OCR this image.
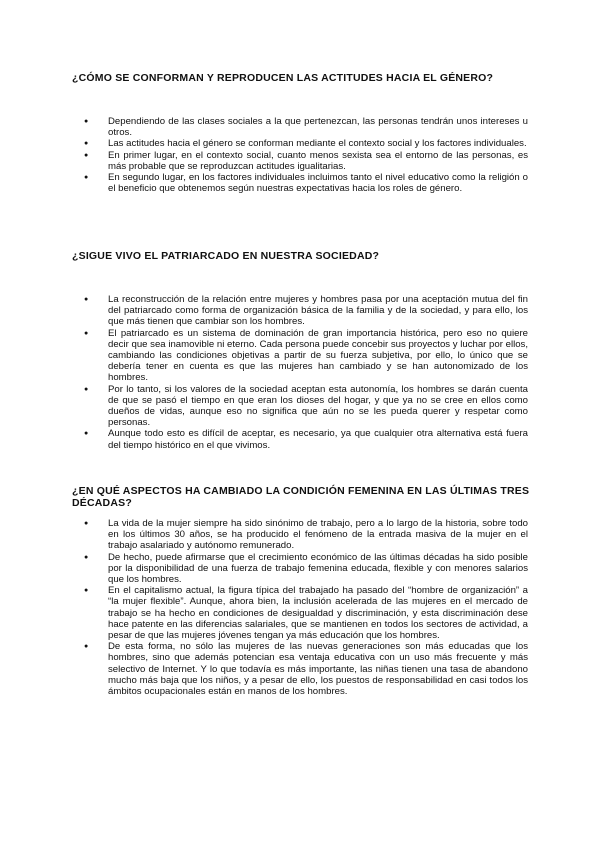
¿CÓMO SE CONFORMAN Y REPRODUCEN LAS ACTITUDES HACIA EL GÉNERO?
● Dependiendo de las clases sociales a la que pertenezcan, las personas tendrán unos intereses u otros.
● Las actitudes hacia el género se conforman mediante el contexto social y los factores individuales.
● En primer lugar, en el contexto social, cuanto menos sexista sea el entorno de las personas, es más probable que se reproduzcan actitudes igualitarias.
● En segundo lugar, en los factores individuales incluimos tanto el nivel educativo como la religión o el beneficio que obtenemos según nuestras expectativas hacia los roles de género.
¿SIGUE VIVO EL PATRIARCADO EN NUESTRA SOCIEDAD?
● La reconstrucción de la relación entre mujeres y hombres pasa por una aceptación mutua del fin del patriarcado como forma de organización básica de la familia y de la sociedad, y para ello, los que más tienen que cambiar son los hombres.
● El patriarcado es un sistema de dominación de gran importancia histórica, pero eso no quiere decir que sea inamovible ni eterno. Cada persona puede concebir sus proyectos y luchar por ellos, cambiando las condiciones objetivas a partir de su fuerza subjetiva, por ello, lo único que se debería tener en cuenta es que las mujeres han cambiado y se han autonomizado de los hombres.
● Por lo tanto, si los valores de la sociedad aceptan esta autonomía, los hombres se darán cuenta de que se pasó el tiempo en que eran los dioses del hogar, y que ya no se cree en ellos como dueños de vidas, aunque eso no significa que aún no se les pueda querer y respetar como personas.
● Aunque todo esto es difícil de aceptar, es necesario, ya que cualquier otra alternativa está fuera del tiempo histórico en el que vivimos.
¿EN QUÉ ASPECTOS HA CAMBIADO LA CONDICIÓN FEMENINA EN LAS ÚLTIMAS TRES DÉCADAS?
● La vida de la mujer siempre ha sido sinónimo de trabajo, pero a lo largo de la historia, sobre todo en los últimos 30 años, se ha producido el fenómeno de la entrada masiva de la mujer en el trabajo asalariado y autónomo remunerado.
● De hecho, puede afirmarse que el crecimiento económico de las últimas décadas ha sido posible por la disponibilidad de una fuerza de trabajo femenina educada, flexible y con menores salarios que los hombres.
● En el capitalismo actual, la figura típica del trabajado ha pasado del “hombre de organización” a “la mujer flexible”. Aunque, ahora bien, la inclusión acelerada de las mujeres en el mercado de trabajo se ha hecho en condiciones de desigualdad y discriminación, y esta discriminación dese hace patente en las diferencias salariales, que se mantienen en todos los sectores de actividad, a pesar de que las mujeres jóvenes tengan ya más educación que los hombres.
● De esta forma, no sólo las mujeres de las nuevas generaciones son más educadas que los hombres, sino que además potencian esa ventaja educativa con un uso más frecuente y más selectivo de Internet. Y lo que todavía es más importante, las niñas tienen una tasa de abandono mucho más baja que los niños, y a pesar de ello, los puestos de responsabilidad en casi todos los ámbitos ocupacionales están en manos de los hombres.
